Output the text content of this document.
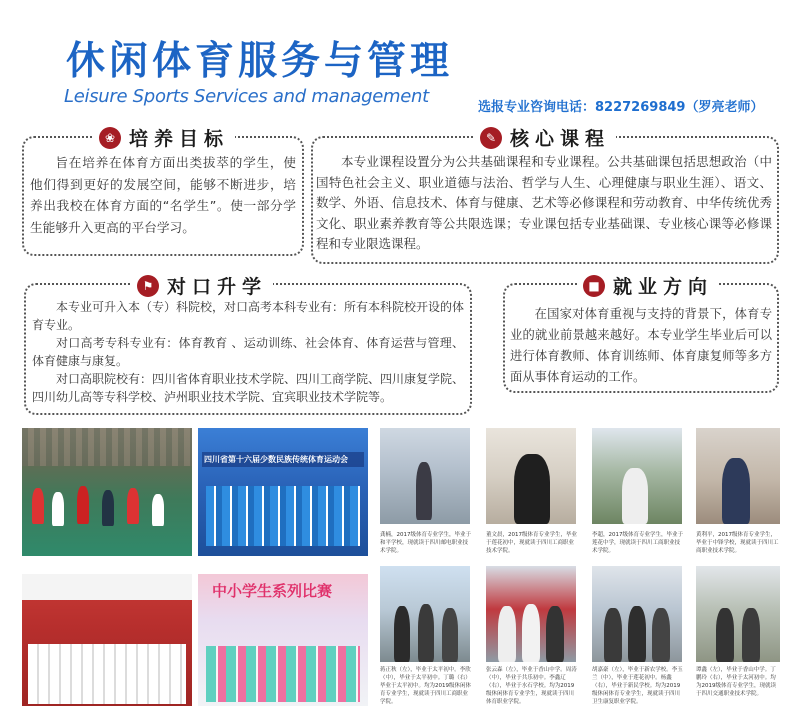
休闲体育服务与管理
Leisure Sports Services and management
选报专业咨询电话：8227269849（罗亮老师）
❀ 培养目标
旨在培养在体育方面出类拔萃的学生，使他们得到更好的发展空间，能够不断进步，培养出我校在体育方面的“名学生”。使一部分学生能够升入更高的平台学习。
✎ 核心课程
本专业课程设置分为公共基础课程和专业课程。公共基础课包括思想政治（中国特色社会主义、职业道德与法治、哲学与人生、心理健康与职业生涯）、语文、数学、外语、信息技术、体育与健康、艺术等必修课程和劳动教育、中华传统优秀文化、职业素养教育等公共限选课；专业课包括专业基础课、专业核心课等必修课程和专业限选课程。
⚑ 对口升学
本专业可升入本（专）科院校，对口高考本科专业有：所有本科院校开设的体育专业。
对口高考专科专业有：体育教育 、运动训练、社会体育、体育运营与管理、体育健康与康复。
对口高职院校有：四川省体育职业技术学院、四川工商学院、四川康复学院、四川幼儿高等专科学校、泸州职业技术学院、宜宾职业技术学院等。
■ 就业方向
在国家对体育重视与支持的背景下，体育专业的就业前景越来越好。本专业学生毕业后可以进行体育教师、体育训练师、体育康复师等多方面从事体育运动的工作。
四川省第十六届少数民族传统体育运动会
龚楠，2017级体育专业学生，毕业于和平学校，现就读于四川邮电职业技术学院。
董文晨，2017级体育专业学生，毕业于莲花初中，现就读于四川工商职业技术学院。
李超，2017级体育专业学生，毕业于莲花中学，现就读于四川工商职业技术学院。
黄利平，2017级体育专业学生，毕业于中锋学校，现就读于四川工商职业技术学院。
中小学生系列比赛
蒋正秋（左），毕业于太平初中。李欣（中），毕业于太平初中。丁璐（右）毕业于太平初中。均为2019级休闲体育专业学生，现就读于四川工商职业学院。
张云森（左），毕业于香山中学。周涛（中），毕业于共乐初中。李鑫辽（右），毕业于水石学校。均为2019级休闲体育专业学生，现就读于四川体育职业学院。
胡嘉豪（左），毕业于新农学校。李玉兰（中），毕业于莲花初中。杨鑫（右），毕业于新民学校。均为2019级休闲体育专业学生，现就读于四川卫生康复职业学院。
谭鑫（左），毕业于香山中学。丁鹏玲（右），毕业于太河初中。均为2019级体育专业学生，现就读于四川交通职业技术学院。
